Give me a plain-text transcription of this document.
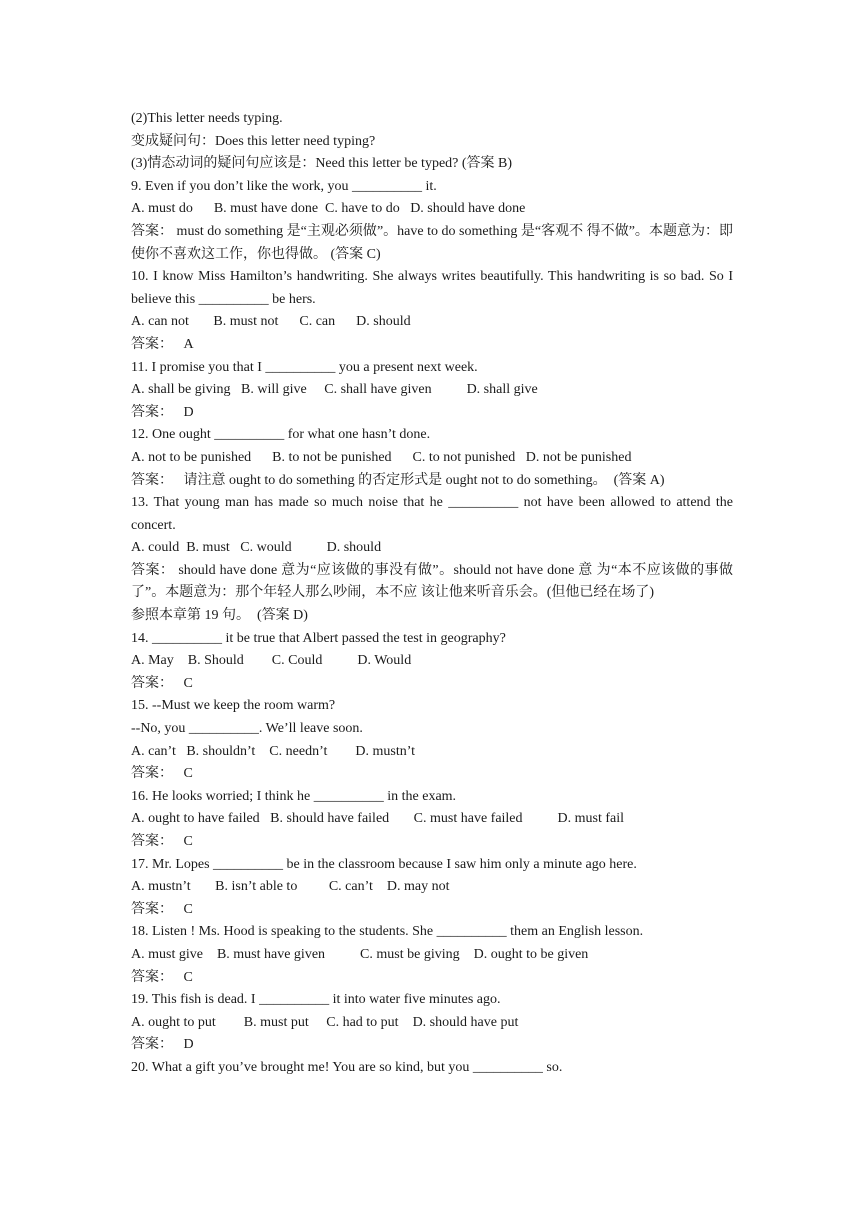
(2)This letter needs typing.
变成疑问句：Does this letter need typing?
(3)情态动词的疑问句应该是：Need this letter be typed? (答案 B)
9. Even if you don’t like the work, you __________ it.
A. must do      B. must have done  C. have to do   D. should have done
答案： must do something 是“主观必须做”。have to do something 是“客观不 得不做”。本题意为：即使你不喜欢这工作，你也得做。 (答案 C)
10. I know Miss Hamilton’s handwriting. She always writes beautifully. This handwriting is so bad. So I believe this __________ be hers.
A. can not       B. must not      C. can      D. should
答案：   A
11. I promise you that I __________ you a present next week.
A. shall be giving   B. will give     C. shall have given          D. shall give
答案：   D
12. One ought __________ for what one hasn’t done.
A. not to be punished      B. to not be punished      C. to not punished   D. not be punished
答案：   请注意 ought to do something 的否定形式是 ought not to do something。  (答案 A)
13. That young man has made so much noise that he __________ not have been allowed to attend the concert.
A. could  B. must   C. would          D. should
答案： should have done 意为“应该做的事没有做”。should not have done 意 为“本不应该做的事做了”。本题意为：那个年轻人那么吵闹，本不应 该让他来听音乐会。(但他已经在场了)
参照本章第 19 句。  (答案 D)
14. __________ it be true that Albert passed the test in geography?
A. May    B. Should        C. Could          D. Would
答案：   C
15. --Must we keep the room warm?
--No, you __________. We’ll leave soon.
A. can’t   B. shouldn’t    C. needn’t        D. mustn’t
答案：   C
16. He looks worried; I think he __________ in the exam.
A. ought to have failed   B. should have failed       C. must have failed          D. must fail
答案：   C
17. Mr. Lopes __________ be in the classroom because I saw him only a minute ago here.
A. mustn’t       B. isn’t able to         C. can’t    D. may not
答案：   C
18. Listen ! Ms. Hood is speaking to the students. She __________ them an English lesson.
A. must give    B. must have given          C. must be giving    D. ought to be given
答案：   C
19. This fish is dead. I __________ it into water five minutes ago.
A. ought to put        B. must put     C. had to put    D. should have put
答案：   D
20. What a gift you’ve brought me! You are so kind, but you __________ so.
